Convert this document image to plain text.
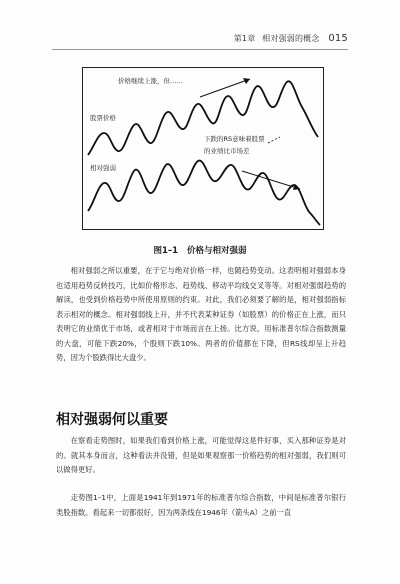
第1章 相对强弱的概念 015
价格继续上涨，但……
股票价格
下跌的RS意味着股票
的业绩比市场差
相对强弱
图1–1 价格与相对强弱

相对强弱之所以重要，在于它与绝对价格一样，也随趋势变动。这表明相对强弱本身也适用趋势反转技巧，比如价格形态、趋势线、移动平均线交叉等等。对相对强弱趋势的解读，也受到价格趋势中所使用原则的约束。对此，我们必须要了解的是，相对强弱指标表示相对的概念。相对强弱线上升，并不代表某种证券（如股票）的价格正在上涨，而只表明它的业绩优于市场，或者相对于市场而言在上扬。比方说，用标准普尔综合指数测量的大盘，可能下跌20%，个股则下跌10%。两者的价值都在下降，但RS线却呈上升趋势，因为个股跌得比大盘少。

相对强弱何以重要

在察看走势图时，如果我们看到价格上涨，可能觉得这是件好事，买入那种证券是对的。就其本身而言，这种看法并没错，但是如果观察那一价格趋势的相对强弱，我们则可以做得更好。

走势图1–1中，上面是1941年到1971年的标准普尔综合指数，中间是标准普尔银行类股指数。看起来一切都很好，因为两条线在1946年（箭头A）之前一直
